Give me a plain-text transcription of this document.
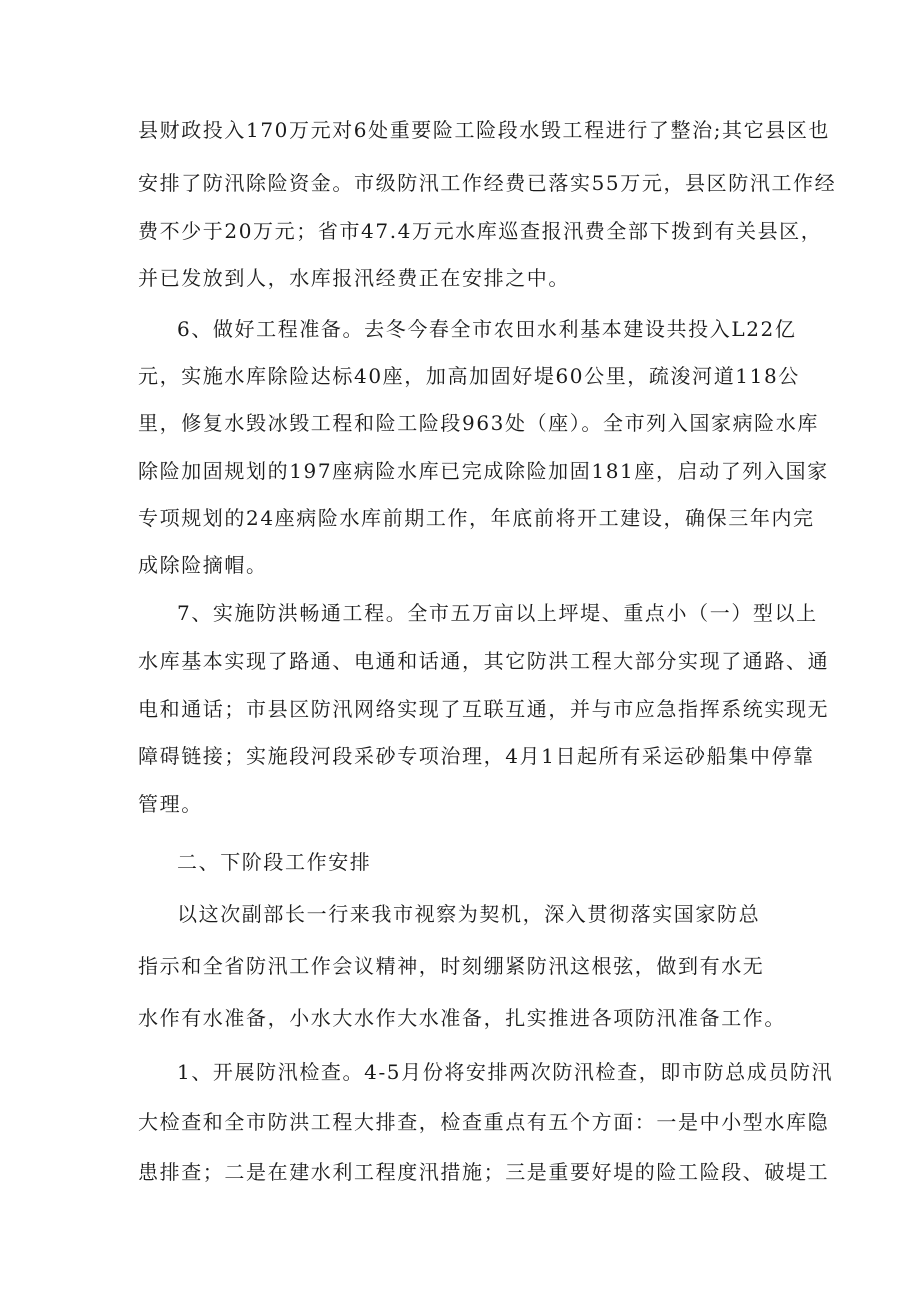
县财政投入170万元对6处重要险工险段水毁工程进行了整治;其它县区也
安排了防汛除险资金。市级防汛工作经费已落实55万元，县区防汛工作经
费不少于20万元；省市47.4万元水库巡查报汛费全部下拨到有关县区，
并已发放到人，水库报汛经费正在安排之中。
6、做好工程准备。去冬今春全市农田水利基本建设共投入L22亿
元，实施水库除险达标40座，加高加固好堤60公里，疏浚河道118公
里，修复水毁冰毁工程和险工险段963处（座）。全市列入国家病险水库
除险加固规划的197座病险水库已完成除险加固181座，启动了列入国家
专项规划的24座病险水库前期工作，年底前将开工建设，确保三年内完
成除险摘帽。
7、实施防洪畅通工程。全市五万亩以上坪堤、重点小（一）型以上
水库基本实现了路通、电通和话通，其它防洪工程大部分实现了通路、通
电和通话；市县区防汛网络实现了互联互通，并与市应急指挥系统实现无
障碍链接；实施段河段采砂专项治理，4月1日起所有采运砂船集中停靠
管理。
二、下阶段工作安排
以这次副部长一行来我市视察为契机，深入贯彻落实国家防总
指示和全省防汛工作会议精神，时刻绷紧防汛这根弦，做到有水无
水作有水准备，小水大水作大水准备，扎实推进各项防汛准备工作。
1、开展防汛检查。4-5月份将安排两次防汛检查，即市防总成员防汛
大检查和全市防洪工程大排查，检查重点有五个方面：一是中小型水库隐
患排查；二是在建水利工程度汛措施；三是重要好堤的险工险段、破堤工
